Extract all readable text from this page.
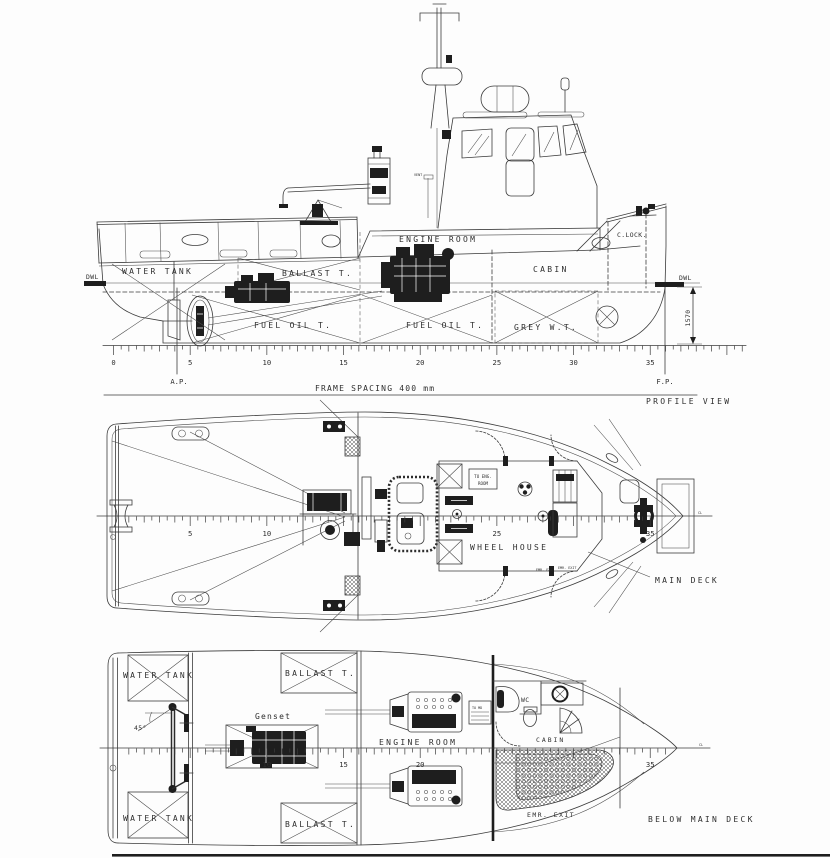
0	5	10	15	20	25	30	35
DWL
WATER TANK	BALLAST T.
ENGINE ROOM
CABIN
C.LOCK.
FUEL OIL T.	FUEL OIL T.	GREY W.T.
VENT
DWL
A.P.	F.P.
1570
FRAME SPACING 400 mm
PROFILE VIEW
5	10	25	35
WHEEL HOUSE
TO ENG.
ROOM
EMR. EX. EMR. EXIT
CL
MAIN DECK
10	15	20	35
WATER TANK
WATER TANK
BALLAST T.
BALLAST T.
Genset
ENGINE ROOM
45°
WC
CABIN
TO MD
EMR. EXIT
CL
BELOW MAIN DECK
